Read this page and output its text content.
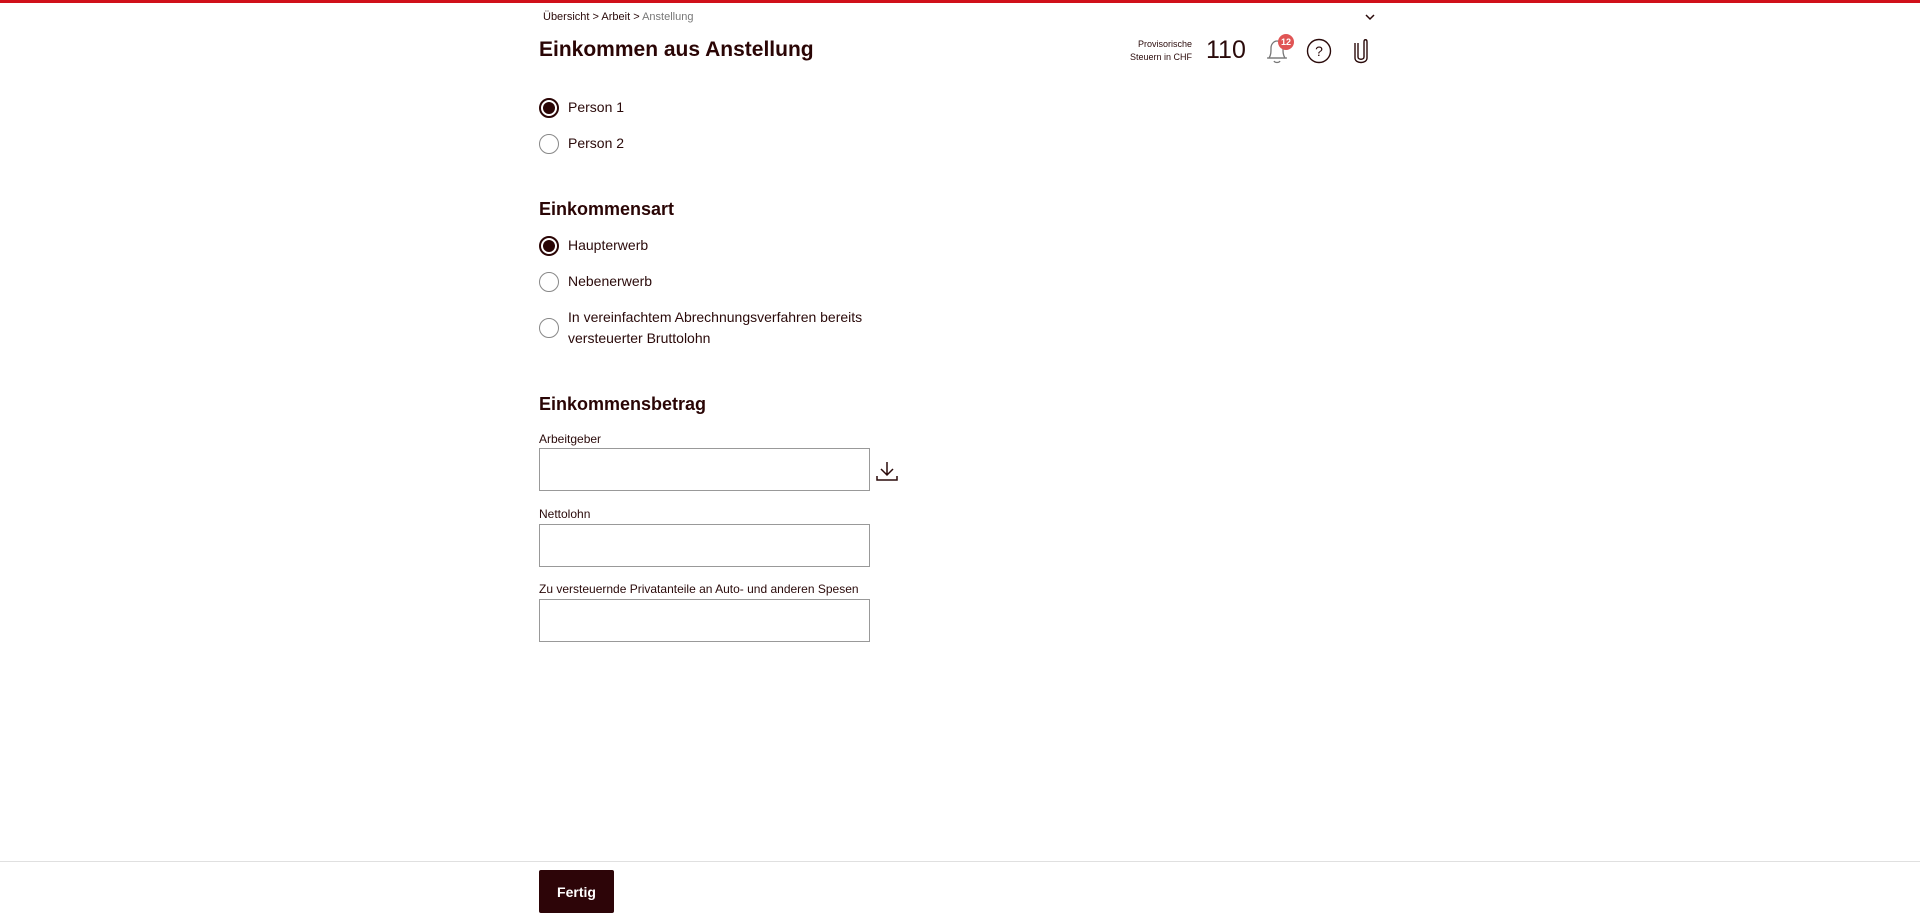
Übersicht > Arbeit > Anstellung
Einkommen aus Anstellung	Provisorische
Steuern in CHF 110	12
?
Person 1
Person 2
Einkommensart
Haupterwerb
Nebenerwerb
In vereinfachtem Abrechnungsverfahren bereits
versteuerter Bruttolohn
Einkommensbetrag
Arbeitgeber
Nettolohn
Zu versteuernde Privatanteile an Auto- und anderen Spesen
Fertig
